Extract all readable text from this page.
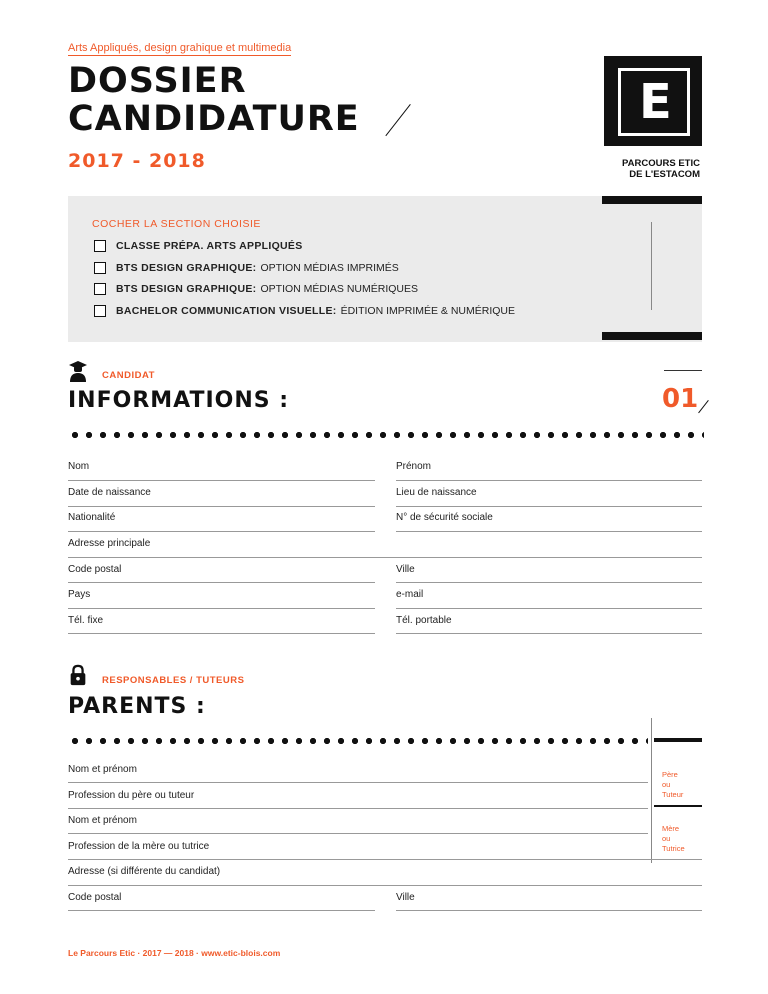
Arts Appliqués, design grahique et multimedia
DOSSIER
CANDIDATURE
2017 - 2018
E
PARCOURS ETIC
DE L'ESTACOM
COCHER LA SECTION CHOISIE
CLASSE PRÉPA. ARTS APPLIQUÉS
BTS DESIGN GRAPHIQUE: OPTION MÉDIAS IMPRIMÉS
BTS DESIGN GRAPHIQUE: OPTION MÉDIAS NUMÉRIQUES
BACHELOR COMMUNICATION VISUELLE: ÉDITION IMPRIMÉE & NUMÉRIQUE
CANDIDAT
INFORMATIONS :	01
Nom	Prénom
Date de naissance	Lieu de naissance
Nationalité	N° de sécurité sociale
Adresse principale
Code postal	Ville
Pays	e-mail
Tél. fixe	Tél. portable
RESPONSABLES / TUTEURS
PARENTS :
Père
ou
Tuteur
Mère
ou
Tutrice
Nom et prénom
Profession du père ou tuteur
Nom et prénom
Profession de la mère ou tutrice
Adresse (si différente du candidat)
Code postal	Ville
Le Parcours Etic · 2017 — 2018 · www.etic-blois.com
